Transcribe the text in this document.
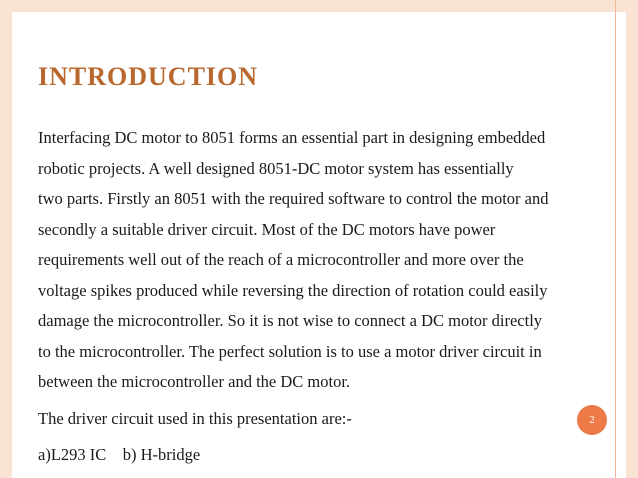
INTRODUCTION
Interfacing DC motor to 8051 forms an essential part in designing embedded
robotic projects. A well designed 8051-DC motor system has essentially
two parts. Firstly an 8051 with the required software to control the motor and
secondly a suitable driver circuit. Most of the DC motors have power
requirements well out of the reach of a microcontroller and more over the
voltage spikes produced while reversing the direction of rotation could easily
damage the microcontroller. So it is not wise to connect a DC motor directly
to the microcontroller. The perfect solution is to use a motor driver circuit in
between the microcontroller and the DC motor.
The driver circuit used in this presentation are:-
a)L293 IC    b) H-bridge
2
